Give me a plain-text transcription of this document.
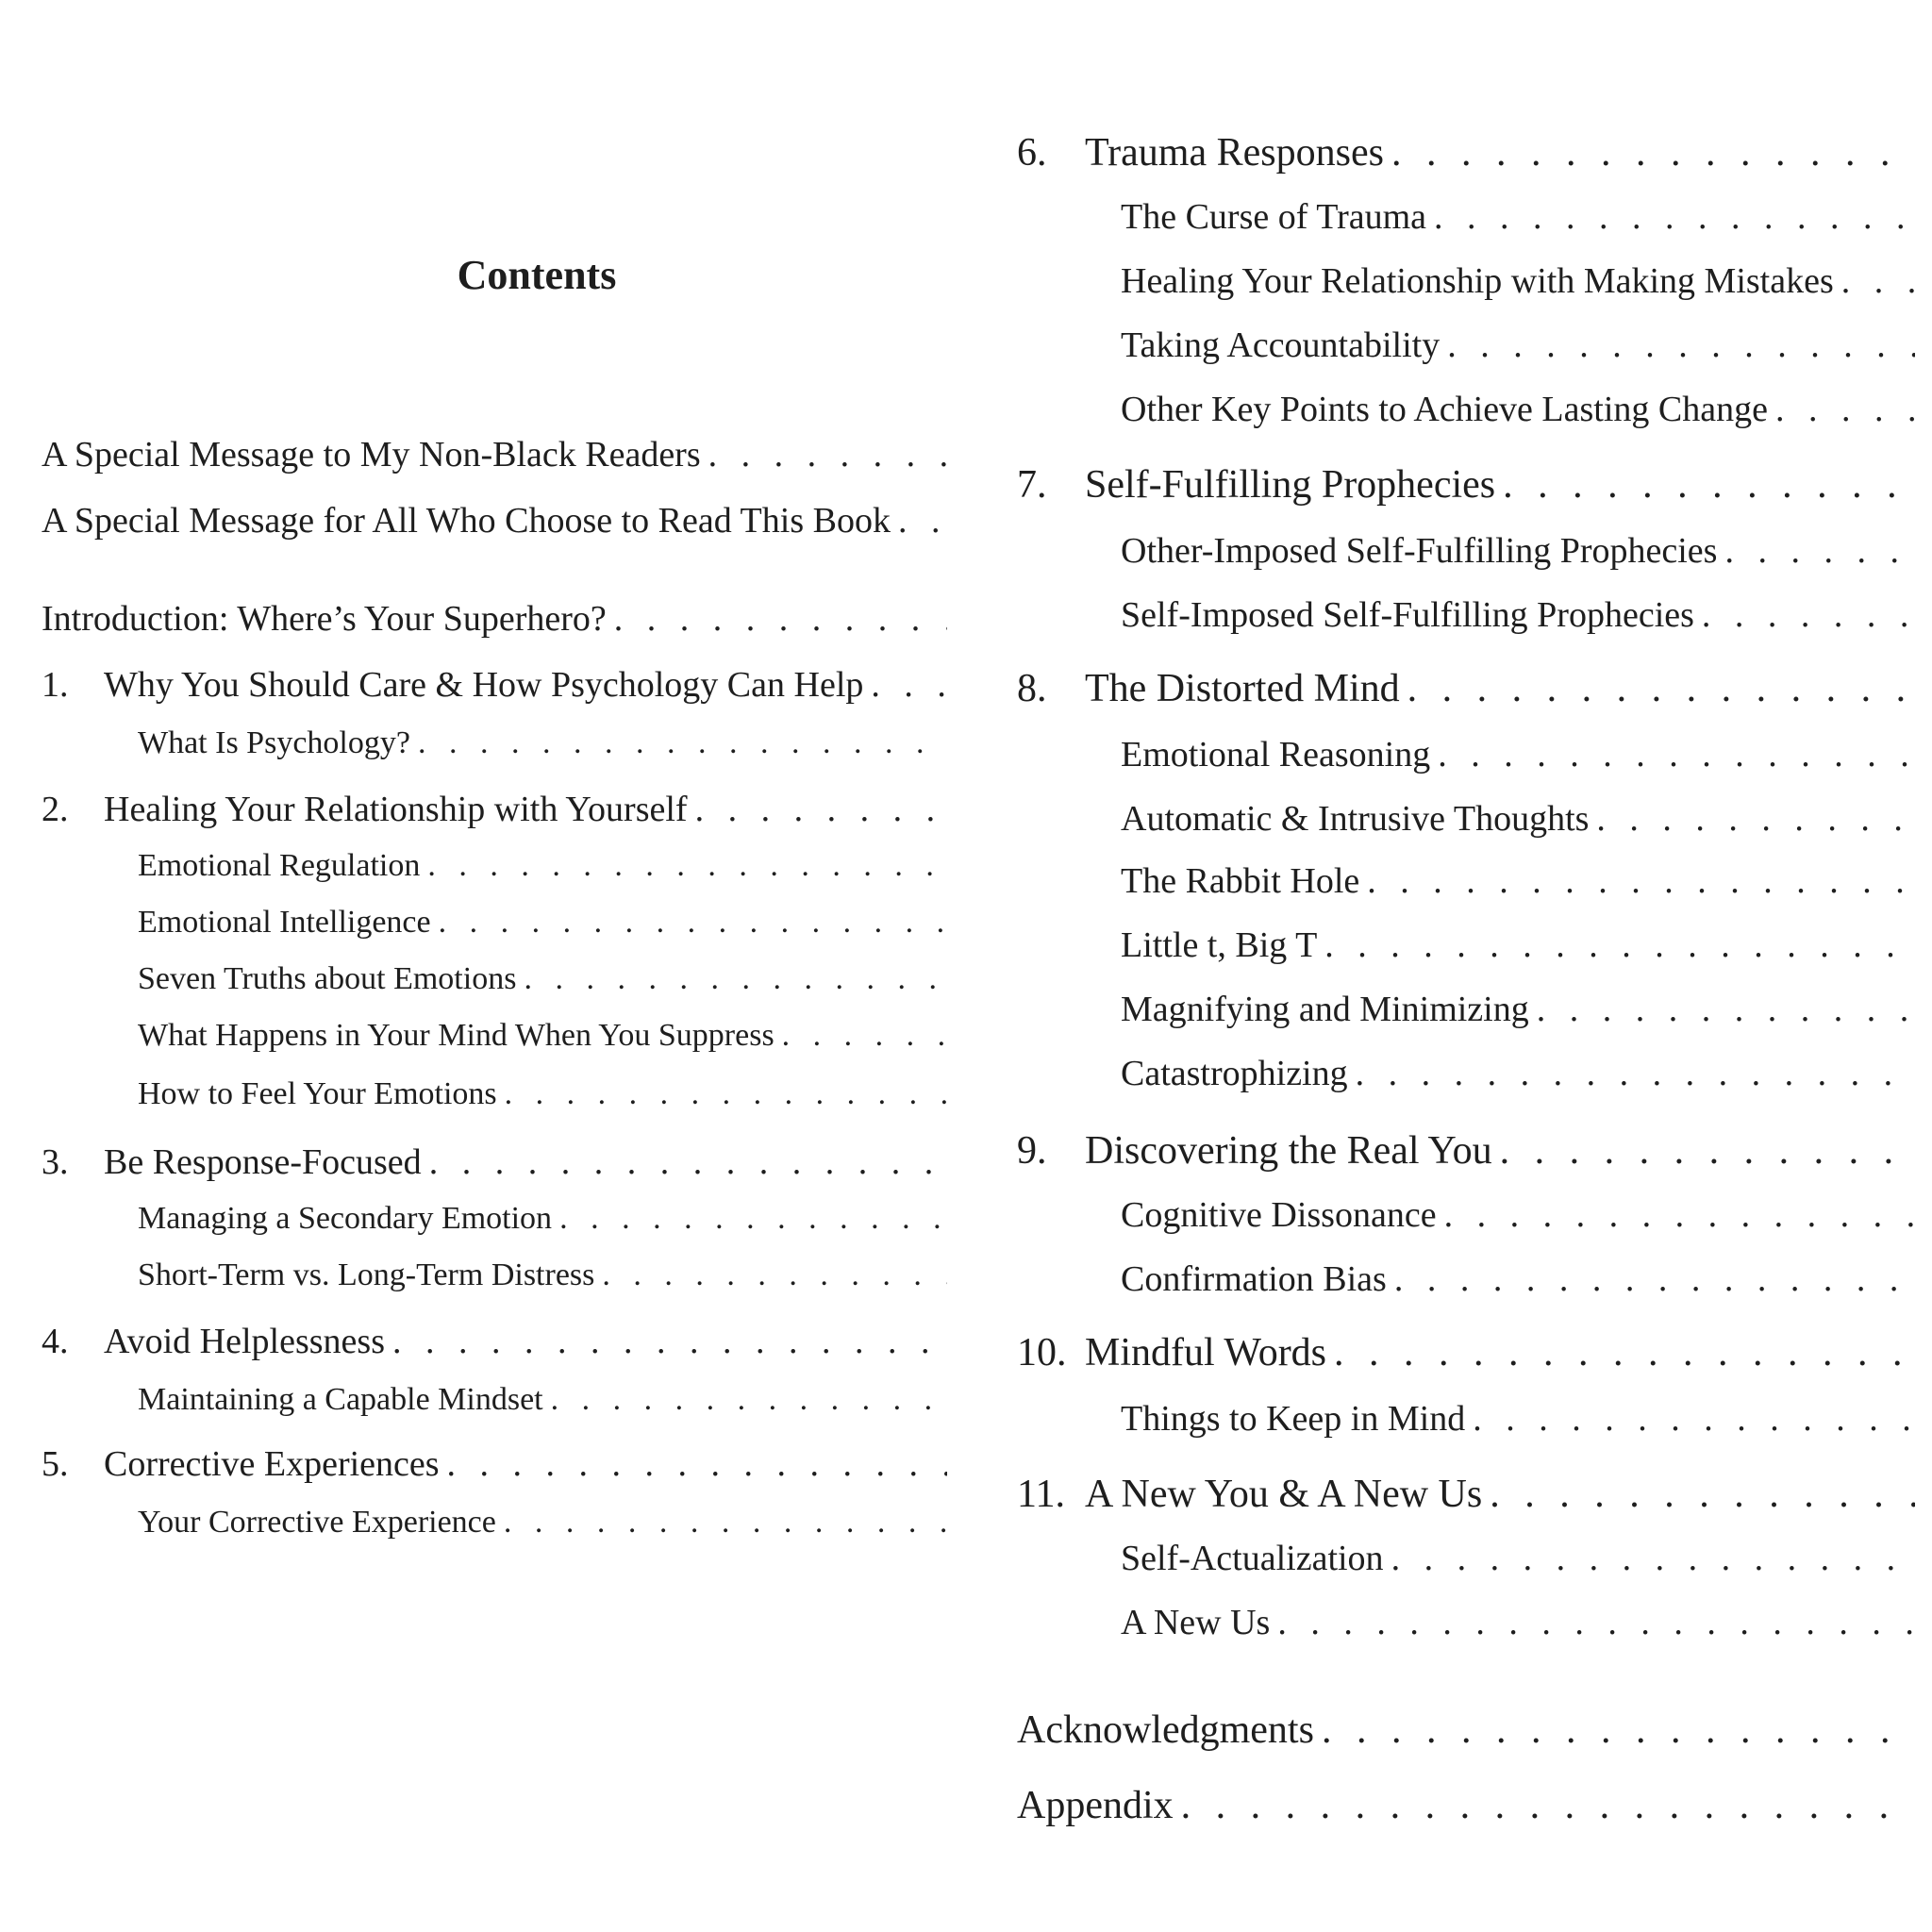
Contents
A Special Message to My Non-Black Readers
. . .
A Special Message for All Who Choose to Read This Book
. . .
Introduction: Where’s Your Superhero?
. . .
1. Why You Should Care & How Psychology Can Help
. . .
What Is Psychology?
. . .
2. Healing Your Relationship with Yourself
. . .
Emotional Regulation
. . .
Emotional Intelligence
. . .
Seven Truths about Emotions
. . .
What Happens in Your Mind When You Suppress
. . .
How to Feel Your Emotions
. . .
3. Be Response-Focused
. . .
Managing a Secondary Emotion
. . .
Short-Term vs. Long-Term Distress
. . .
4. Avoid Helplessness
. . .
Maintaining a Capable Mindset
. . .
5. Corrective Experiences
. . .
Your Corrective Experience
. . .
6. Trauma Responses
. . .
The Curse of Trauma
. . .
Healing Your Relationship with Making Mistakes
. . .
Taking Accountability
. . .
Other Key Points to Achieve Lasting Change
. . .
7. Self-Fulfilling Prophecies
. . .
Other-Imposed Self-Fulfilling Prophecies
. . .
Self-Imposed Self-Fulfilling Prophecies
. . .
8. The Distorted Mind
. . .
Emotional Reasoning
. . .
Automatic & Intrusive Thoughts
. . .
The Rabbit Hole
. . .
Little t, Big T
. . .
Magnifying and Minimizing
. . .
Catastrophizing
. . .
9. Discovering the Real You
. . .
Cognitive Dissonance
. . .
Confirmation Bias
. . .
10. Mindful Words
. . .
Things to Keep in Mind
. . .
11. A New You & A New Us
. . .
Self-Actualization
. . .
A New Us
. . .
Acknowledgments
. . .
Appendix
. . .
